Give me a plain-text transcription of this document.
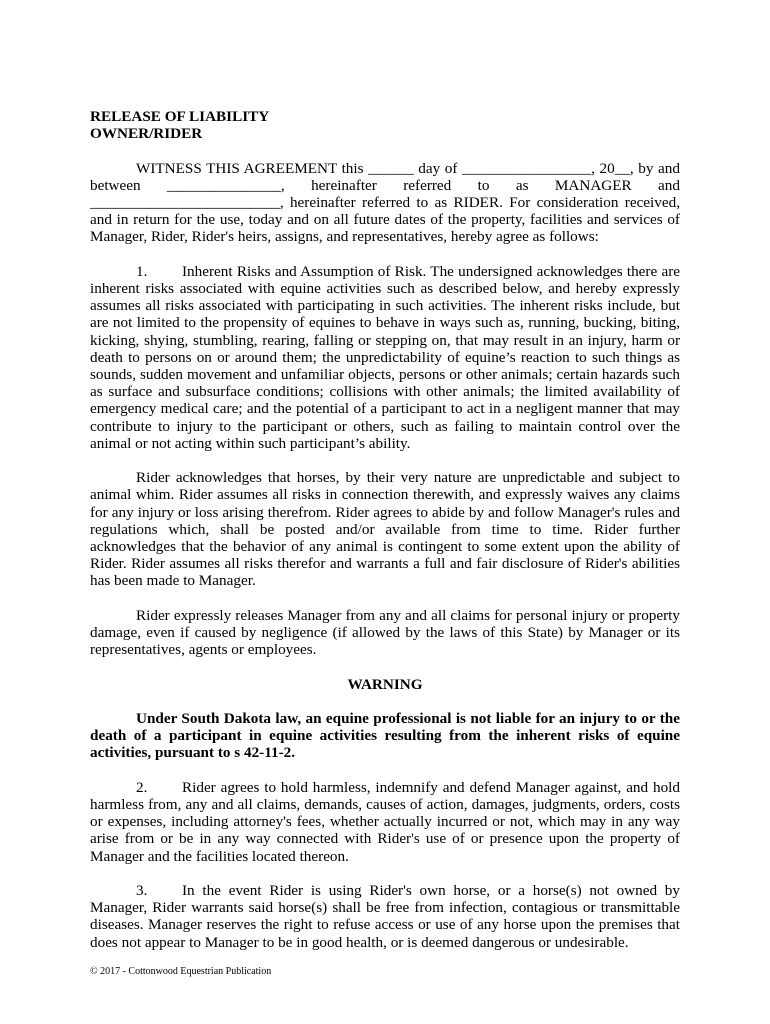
RELEASE OF LIABILITY

OWNER/RIDER

WITNESS THIS AGREEMENT this ______ day of _________________, 20__, by and between _______________, hereinafter referred to as MANAGER and _________________________, hereinafter referred to as RIDER. For consideration received, and in return for the use, today and on all future dates of the property, facilities and services of Manager, Rider, Rider's heirs, assigns, and representatives, hereby agree as follows:

1. Inherent Risks and Assumption of Risk. The undersigned acknowledges there are inherent risks associated with equine activities such as described below, and hereby expressly assumes all risks associated with participating in such activities. The inherent risks include, but are not limited to the propensity of equines to behave in ways such as, running, bucking, biting, kicking, shying, stumbling, rearing, falling or stepping on, that may result in an injury, harm or death to persons on or around them; the unpredictability of equine’s reaction to such things as sounds, sudden movement and unfamiliar objects, persons or other animals; certain hazards such as surface and subsurface conditions; collisions with other animals; the limited availability of emergency medical care; and the potential of a participant to act in a negligent manner that may contribute to injury to the participant or others, such as failing to maintain control over the animal or not acting within such participant’s ability.

Rider acknowledges that horses, by their very nature are unpredictable and subject to animal whim. Rider assumes all risks in connection therewith, and expressly waives any claims for any injury or loss arising therefrom. Rider agrees to abide by and follow Manager's rules and regulations which, shall be posted and/or available from time to time. Rider further acknowledges that the behavior of any animal is contingent to some extent upon the ability of Rider. Rider assumes all risks therefor and warrants a full and fair disclosure of Rider's abilities has been made to Manager.

Rider expressly releases Manager from any and all claims for personal injury or property damage, even if caused by negligence (if allowed by the laws of this State) by Manager or its representatives, agents or employees.

WARNING

Under South Dakota law, an equine professional is not liable for an injury to or the death of a participant in equine activities resulting from the inherent risks of equine activities, pursuant to s 42-11-2.

2. Rider agrees to hold harmless, indemnify and defend Manager against, and hold harmless from, any and all claims, demands, causes of action, damages, judgments, orders, costs or expenses, including attorney's fees, whether actually incurred or not, which may in any way arise from or be in any way connected with Rider's use of or presence upon the property of Manager and the facilities located thereon.

3. In the event Rider is using Rider's own horse, or a horse(s) not owned by Manager, Rider warrants said horse(s) shall be free from infection, contagious or transmittable diseases. Manager reserves the right to refuse access or use of any horse upon the premises that does not appear to Manager to be in good health, or is deemed dangerous or undesirable.

© 2017 - Cottonwood Equestrian Publication
